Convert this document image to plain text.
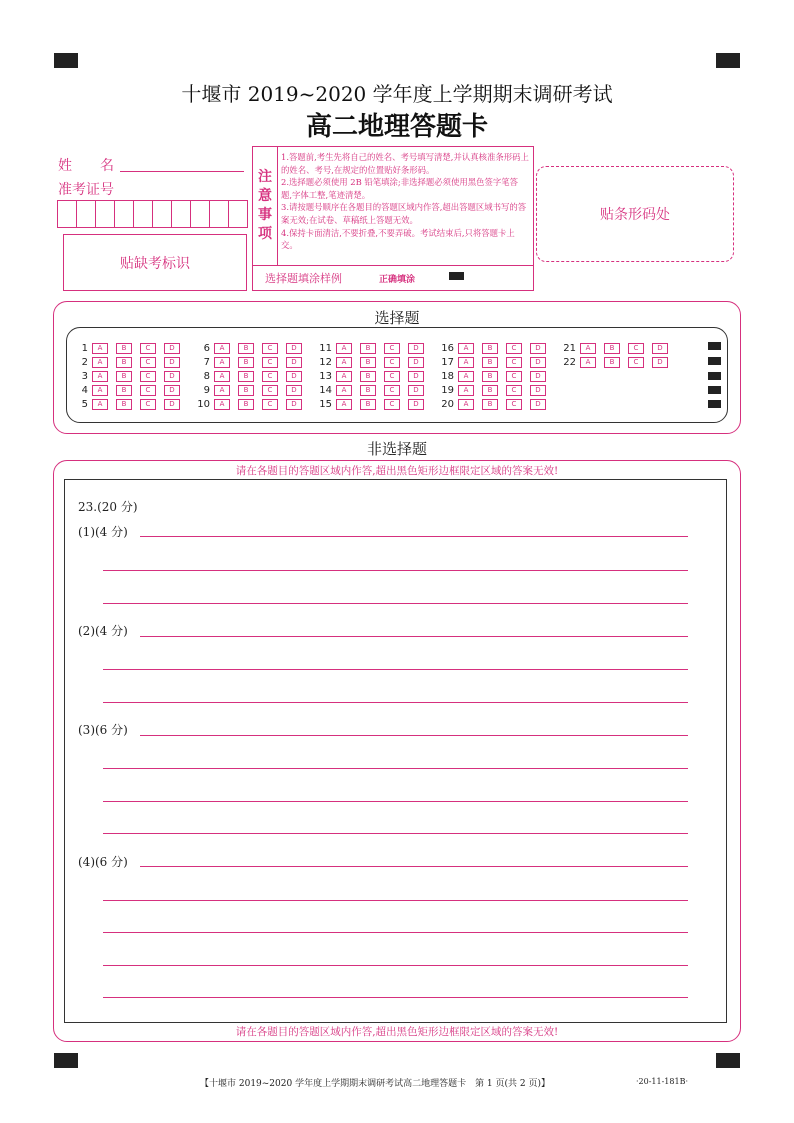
十堰市 2019~2020 学年度上学期期末调研考试
高二地理答题卡
姓　　名
准考证号
贴缺考标识
注
意
事
项
1.答题前,考生先将自己的姓名、考号填写清楚,并认真核准条形码上的姓名、考号,在规定的位置贴好条形码。
2.选择题必须使用 2B 铅笔填涂;非选择题必须使用黑色签字笔答题,字体工整,笔迹清楚。
3.请按题号顺序在各题目的答题区域内作答,超出答题区域书写的答案无效;在试卷、草稿纸上答题无效。
4.保持卡面清洁,不要折叠,不要弄破。考试结束后,只将答题卡上交。
选择题填涂样例	正确填涂
贴条形码处
选择题
1	A	B	C	D
2	A	B	C	D
3	A	B	C	D
4	A	B	C	D
5	A	B	C	D
6	A	B	C	D
7	A	B	C	D
8	A	B	C	D
9	A	B	C	D
10	A	B	C	D
11	A	B	C	D
12	A	B	C	D
13	A	B	C	D
14	A	B	C	D
15	A	B	C	D
16	A	B	C	D
17	A	B	C	D
18	A	B	C	D
19	A	B	C	D
20	A	B	C	D
21	A	B	C	D
22	A	B	C	D
非选择题
请在各题目的答题区域内作答,超出黑色矩形边框限定区域的答案无效!
23.(20 分)
(1)(4 分)
(2)(4 分)
(3)(6 分)
(4)(6 分)
请在各题目的答题区域内作答,超出黑色矩形边框限定区域的答案无效!
【十堰市 2019~2020 学年度上学期期末调研考试高二地理答题卡　第 1 页(共 2 页)】	·20-11-181B·
